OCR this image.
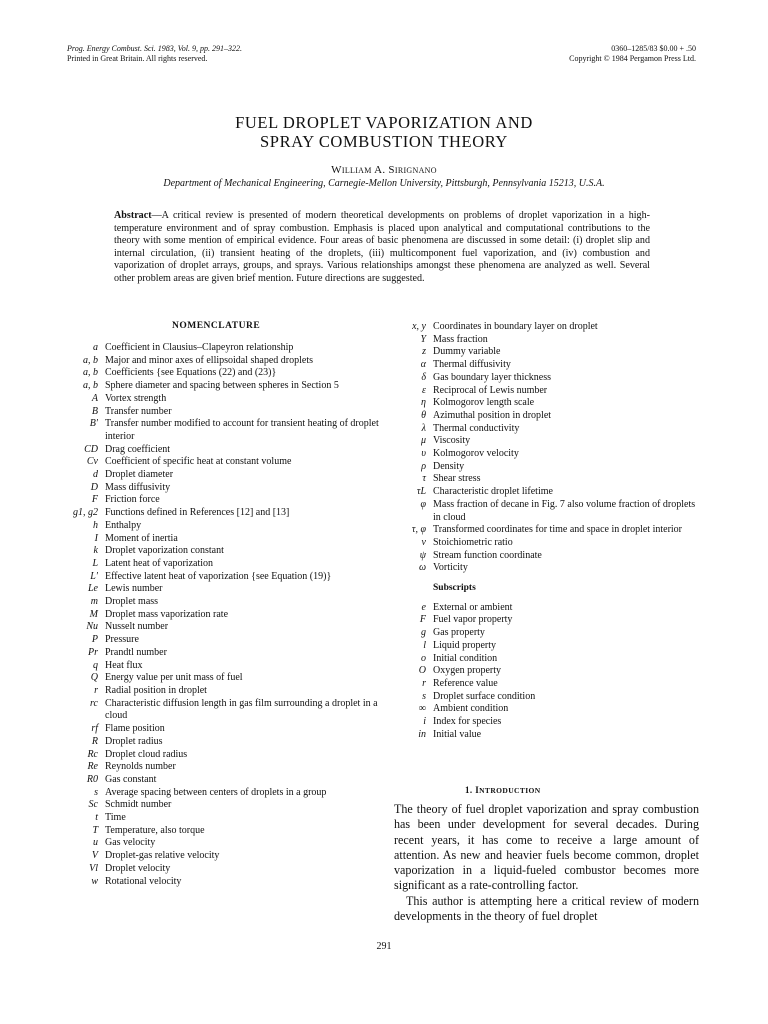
Prog. Energy Combust. Sci. 1983, Vol. 9, pp. 291–322.
Printed in Great Britain. All rights reserved.
0360–1285/83 $0.00 + .50
Copyright © 1984 Pergamon Press Ltd.
FUEL DROPLET VAPORIZATION AND
SPRAY COMBUSTION THEORY
William A. Sirignano
Department of Mechanical Engineering, Carnegie-Mellon University, Pittsburgh, Pennsylvania 15213, U.S.A.
Abstract—A critical review is presented of modern theoretical developments on problems of droplet vaporization in a high-temperature environment and of spray combustion. Emphasis is placed upon analytical and computational contributions to the theory with some mention of empirical evidence. Four areas of basic phenomena are discussed in some detail: (i) droplet slip and internal circulation, (ii) transient heating of the droplets, (iii) multicomponent fuel vaporization, and (iv) combustion and vaporization of droplet arrays, groups, and sprays. Various relationships amongst these phenomena are analyzed as well. Several other problem areas are given brief mention. Future directions are suggested.
NOMENCLATURE
a Coefficient in Clausius–Clapeyron relationship
a, b Major and minor axes of ellipsoidal shaped droplets
a, b Coefficients {see Equations (22) and (23)}
a, b Sphere diameter and spacing between spheres in Section 5
A Vortex strength
B Transfer number
B′ Transfer number modified to account for transient heating of droplet interior
CD Drag coefficient
Cv Coefficient of specific heat at constant volume
d Droplet diameter
D Mass diffusivity
F Friction force
g1, g2 Functions defined in References [12] and [13]
h Enthalpy
I Moment of inertia
k Droplet vaporization constant
L Latent heat of vaporization
L′ Effective latent heat of vaporization {see Equation (19)}
Le Lewis number
m Droplet mass
M Droplet mass vaporization rate
Nu Nusselt number
P Pressure
Pr Prandtl number
q Heat flux
Q Energy value per unit mass of fuel
r Radial position in droplet
rc Characteristic diffusion length in gas film surrounding a droplet in a cloud
rf Flame position
R Droplet radius
Rc Droplet cloud radius
Re Reynolds number
R0 Gas constant
s Average spacing between centers of droplets in a group
Sc Schmidt number
t Time
T Temperature, also torque
u Gas velocity
V Droplet-gas relative velocity
Vl Droplet velocity
w Rotational velocity
x, y Coordinates in boundary layer on droplet
Y Mass fraction
z Dummy variable
α Thermal diffusivity
δ Gas boundary layer thickness
ε Reciprocal of Lewis number
η Kolmogorov length scale
θ Azimuthal position in droplet
λ Thermal conductivity
μ Viscosity
υ Kolmogorov velocity
ρ Density
τ Shear stress
τL Characteristic droplet lifetime
φ Mass fraction of decane in Fig. 7 also volume fraction of droplets in cloud
τ, φ Transformed coordinates for time and space in droplet interior
ν Stoichiometric ratio
ψ Stream function coordinate
ω Vorticity
Subscripts
e External or ambient
F Fuel vapor property
g Gas property
l Liquid property
o Initial condition
O Oxygen property
r Reference value
s Droplet surface condition
∞ Ambient condition
i Index for species
in Initial value
1. INTRODUCTION

The theory of fuel droplet vaporization and spray combustion has been under development for several decades. During recent years, it has come to receive a large amount of attention. As new and heavier fuels become common, droplet vaporization in a liquid-fueled combustor becomes more significant as a rate-controlling factor.

This author is attempting here a critical review of modern developments in the theory of fuel droplet

291
